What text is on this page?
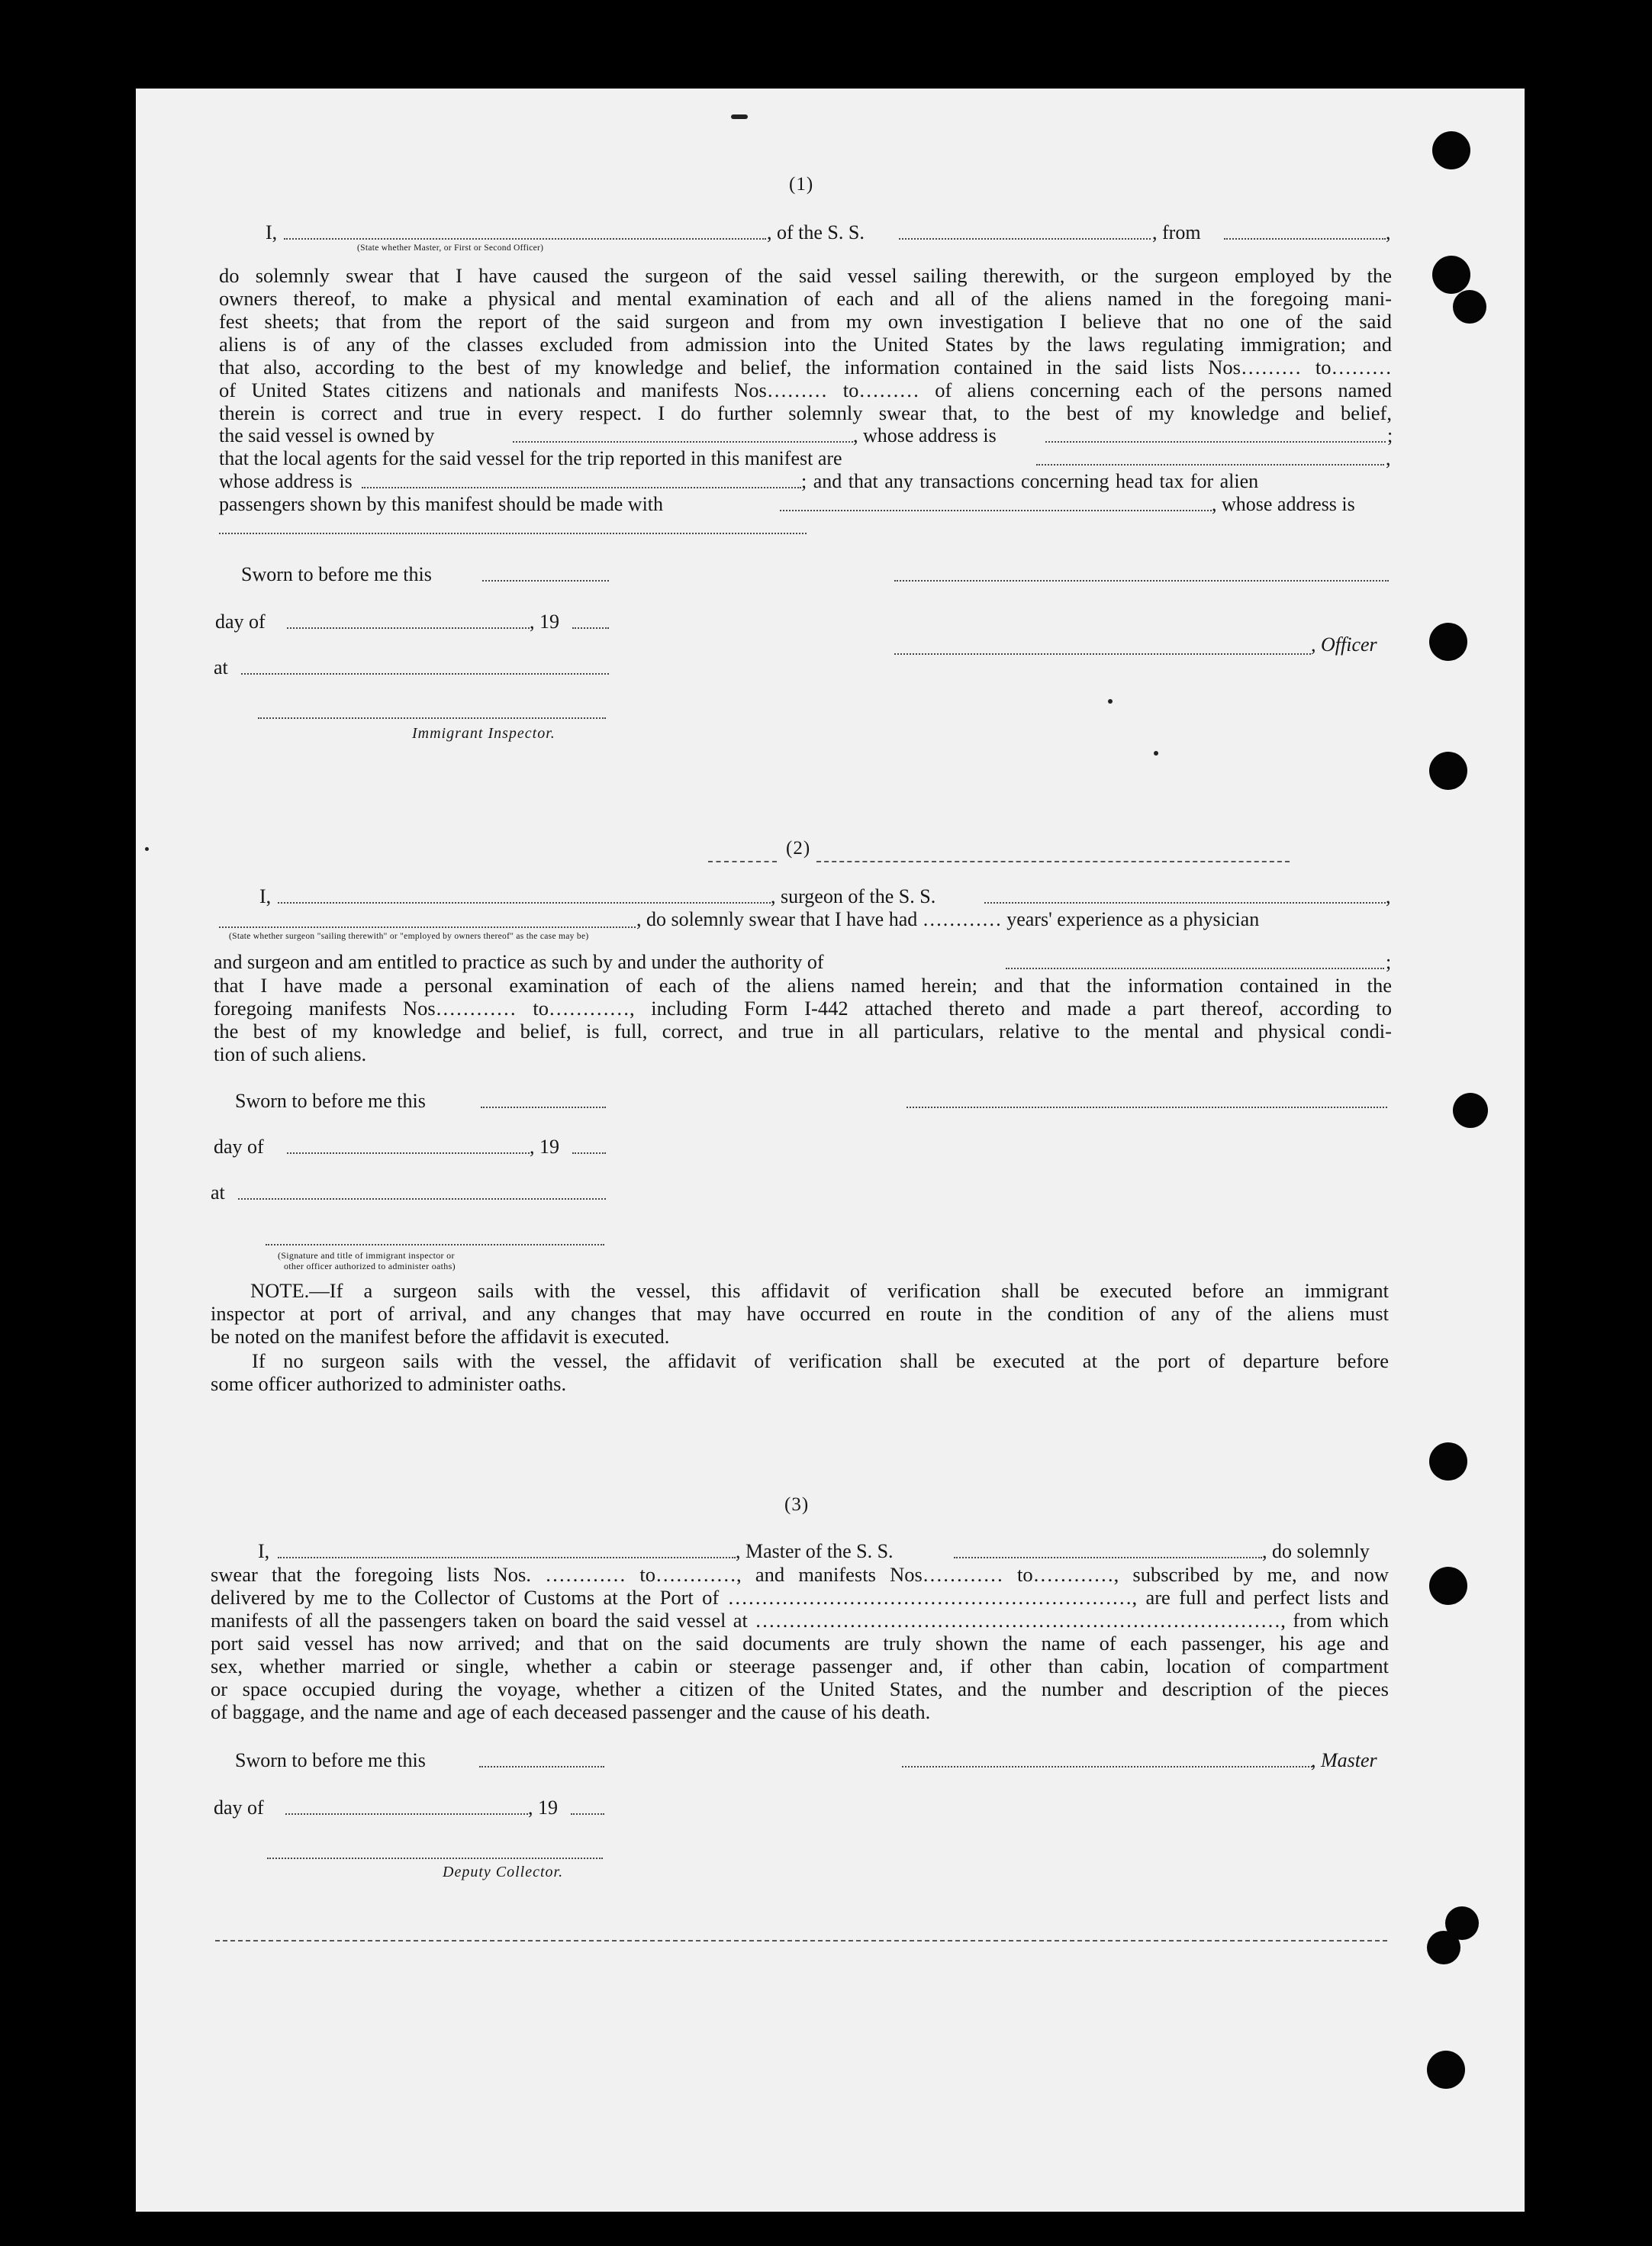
(1)
I,	, of the S. S.	, from	,
(State whether Master, or First or Second Officer)
do solemnly swear that I have caused the surgeon of the said vessel sailing therewith, or the surgeon employed by the
owners thereof, to make a physical and mental examination of each and all of the aliens named in the foregoing mani-
fest sheets; that from the report of the said surgeon and from my own investigation I believe that no one of the said
aliens is of any of the classes excluded from admission into the United States by the laws regulating immigration; and
that also, according to the best of my knowledge and belief, the information contained in the said lists Nos……… to………
of United States citizens and nationals and manifests Nos……… to……… of aliens concerning each of the persons named
therein is correct and true in every respect. I do further solemnly swear that, to the best of my knowledge and belief,
the said vessel is owned by	, whose address is	;
that the local agents for the said vessel for the trip reported in this manifest are	,
whose address is	; and that any transactions concerning head tax for alien
passengers shown by this manifest should be made with	, whose address is
Sworn to before me this
day of	, 19
, Officer
at
Immigrant Inspector.
(2)
I,	, surgeon of the S. S.	,
, do solemnly swear that I have had ………… years' experience as a physician
(State whether surgeon "sailing therewith" or "employed by owners thereof" as the case may be)
and surgeon and am entitled to practice as such by and under the authority of	;
that I have made a personal examination of each of the aliens named herein; and that the information contained in the
foregoing manifests Nos………… to…………, including Form I-442 attached thereto and made a part thereof, according to
the best of my knowledge and belief, is full, correct, and true in all particulars, relative to the mental and physical condi-
tion of such aliens.
Sworn to before me this
day of	, 19
at
(Signature and title of immigrant inspector or
other officer authorized to administer oaths)
NOTE.—If a surgeon sails with the vessel, this affidavit of verification shall be executed before an immigrant
inspector at port of arrival, and any changes that may have occurred en route in the condition of any of the aliens must
be noted on the manifest before the affidavit is executed.
If no surgeon sails with the vessel, the affidavit of verification shall be executed at the port of departure before
some officer authorized to administer oaths.
(3)
I,	, Master of the S. S.	, do solemnly
swear that the foregoing lists Nos. ………… to…………, and manifests Nos………… to…………, subscribed by me, and now
delivered by me to the Collector of Customs at the Port of ……………………………………………………, are full and perfect lists and
manifests of all the passengers taken on board the said vessel at ……………………………………………………………………, from which
port said vessel has now arrived; and that on the said documents are truly shown the name of each passenger, his age and
sex, whether married or single, whether a cabin or steerage passenger and, if other than cabin, location of compartment
or space occupied during the voyage, whether a citizen of the United States, and the number and description of the pieces
of baggage, and the name and age of each deceased passenger and the cause of his death.
Sworn to before me this	, Master
day of	, 19
Deputy Collector.
